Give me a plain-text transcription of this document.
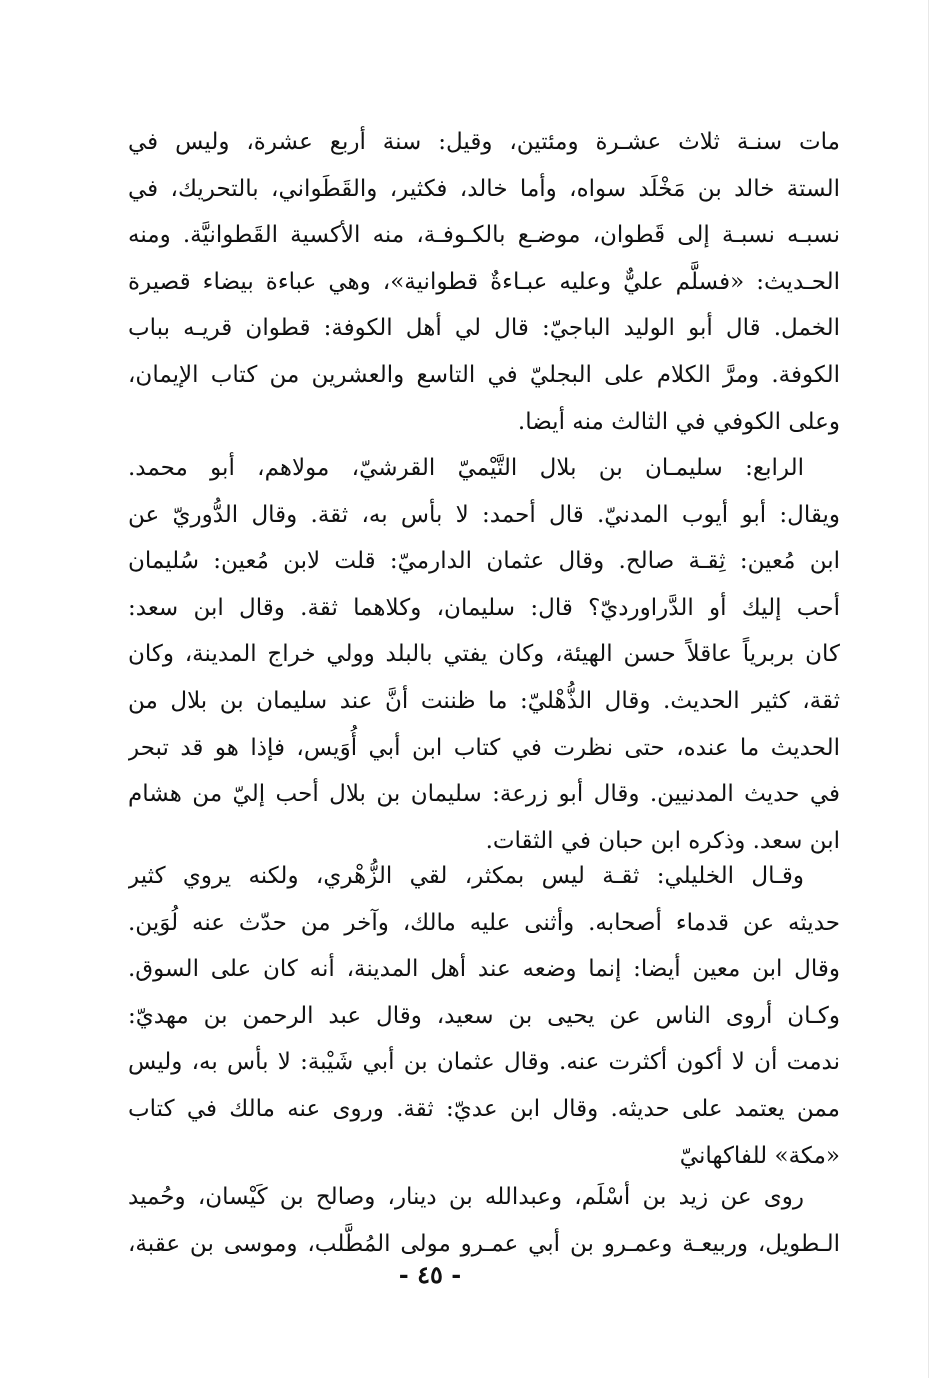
مات سنـة ثلاث عشـرة ومئتين، وقيل: سنة أربع عشرة، وليس في
الستة خالد بن مَخْلَد سواه، وأما خالد، فكثير، والقَطَواني، بالتحريك، في
نسبـه نسبـة إلى قَطوان، موضـع بالكـوفـة، منه الأكسية القَطوانيَّة. ومنه
الحـديث: «فسلَّم عليٌّ وعليه عبـاءةٌ قطوانية»، وهي عباءة بيضاء قصيرة
الخمل. قال أبو الوليد الباجيّ: قال لي أهل الكوفة: قطوان قريـه بباب
الكوفة. ومرَّ الكلام على البجليّ في التاسع والعشرين من كتاب الإيمان،
وعلى الكوفي في الثالث منه أيضا.
الرابع: سليمـان بن بلال التَّيْميّ القرشيّ، مولاهم، أبو محمد.
ويقال: أبو أيوب المدنيّ. قال أحمد: لا بأس به، ثقة. وقال الدُّوريّ عن
ابن مُعين: ثِقـة صالح. وقال عثمان الدارميّ: قلت لابن مُعين: سُليمان
أحب إليك أو الدَّراورديّ؟ قال: سليمان، وكلاهما ثقة. وقال ابن سعد:
كان بربرياً عاقلاً حسن الهيئة، وكان يفتي بالبلد وولي خراج المدينة، وكان
ثقة، كثير الحديث. وقال الذُّهْليّ: ما ظننت أنَّ عند سليمان بن بلال من
الحديث ما عنده، حتى نظرت في كتاب ابن أبي أُوَيس، فإذا هو قد تبحر
في حديث المدنيين. وقال أبو زرعة: سليمان بن بلال أحب إليّ من هشام
ابن سعد. وذكره ابن حبان في الثقات.
وقـال الخليلي: ثقـة ليس بمكثر، لقي الزُّهْري، ولكنه يروي كثير
حديثه عن قدماء أصحابه. وأثنى عليه مالك، وآخر من حدّث عنه لُوَين.
وقال ابن معين أيضا: إنما وضعه عند أهل المدينة، أنه كان على السوق.
وكـان أروى الناس عن يحيى بن سعيد، وقال عبد الرحمن بن مهديّ:
ندمت أن لا أكون أكثرت عنه. وقال عثمان بن أبي شَيْبة: لا بأس به، وليس
ممن يعتمد على حديثه. وقال ابن عديّ: ثقة. وروى عنه مالك في كتاب
«مكة» للفاكهانيّ
روى عن زيد بن أسْلَم، وعبدالله بن دينار، وصالح بن كَيْسان، وحُميد
الـطويل، وربيعـة وعمـرو بن أبي عمـرو مولى المُطَّلب، وموسى بن عقبة،
- ٤٥ -
